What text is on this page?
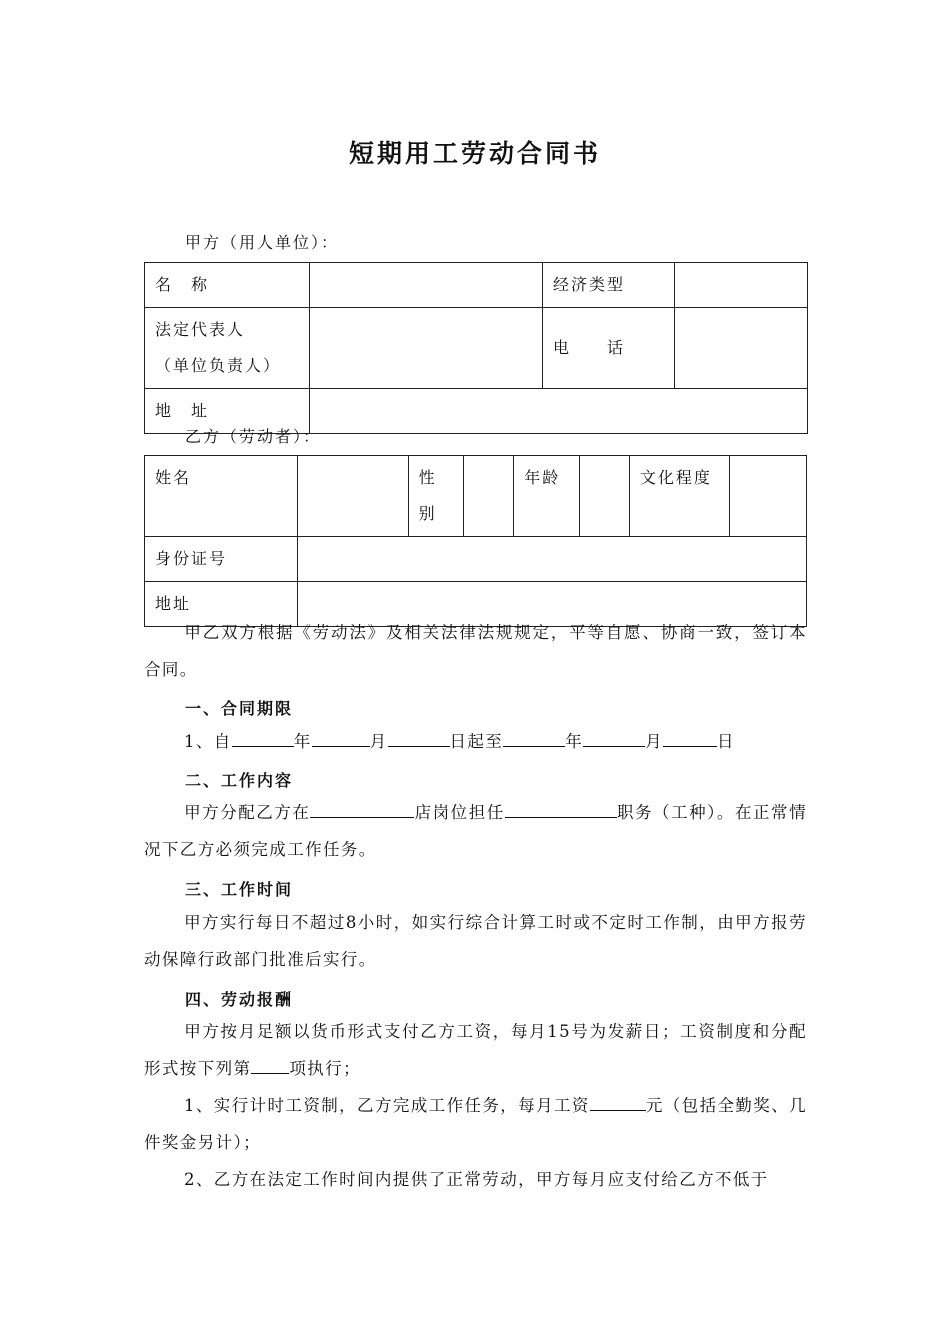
短期用工劳动合同书
甲方（用人单位）：
名　称		经济类型	

法定代表人
（单位负责人）		电　　话	
地　址			
乙方（劳动者）：
姓名		性别		年龄		文化程度	
身份证号							
地址							
甲乙双方根据《劳动法》及相关法律法规规定，平等自愿、协商一致，签订本合同。
一、合同期限
1、自	年	月	日起至	年	月	日
二、工作内容
甲方分配乙方在	店岗位担任	职务（工种）。在正常情况下乙方必须完成工作任务。
三、工作时间
甲方实行每日不超过8小时，如实行综合计算工时或不定时工作制，由甲方报劳动保障行政部门批准后实行。
四、劳动报酬
甲方按月足额以货币形式支付乙方工资，每月15号为发薪日；工资制度和分配形式按下列第 项执行；
1、实行计时工资制，乙方完成工作任务，每月工资	元（包括全勤奖、几件奖金另计）；
2、乙方在法定工作时间内提供了正常劳动，甲方每月应支付给乙方不低于
